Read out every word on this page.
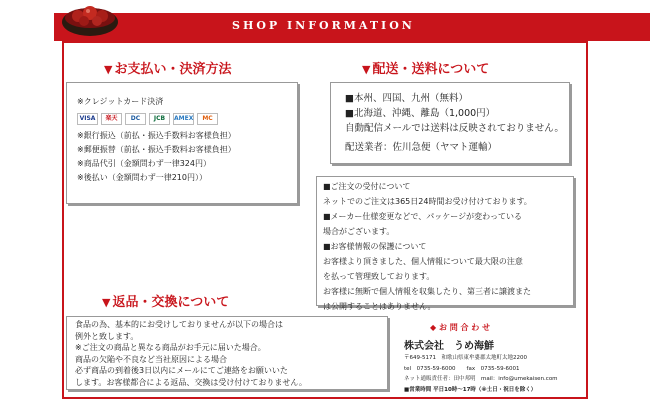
SHOP INFORMATION
▼ お支払い・決済方法
※クレジットカード決済
VISA	楽天	DC	JCB	AMEX	MC
※銀行振込（前払・振込手数料お客様負担）
※郵便振替（前払・振込手数料お客様負担）
※商品代引（金額問わず一律324円）
※後払い（金額問わず一律210円））
▼ 配送・送料について
■本州、四国、九州（無料）
■北海道、沖縄、離島（1,000円）
自動配信メールでは送料は反映されておりません。
配送業者：佐川急便（ヤマト運輸）
■ご注文の受付について
ネットでのご注文は365日24時間お受け付けております。
■メーカー仕様変更などで、パッケージが変わっている
場合がございます。
■お客様情報の保護について
お客様より頂きました、個人情報について最大限の注意
を払って管理致しております。
お客様に無断で個人情報を収集したり、第三者に譲渡また
は公開することはありません。
▼ 返品・交換について
食品の為、基本的にお受けしておりませんが以下の場合は
例外と致します。
※ご注文の商品と異なる商品がお手元に届いた場合。
商品の欠陥や不良など当社原因による場合
必ず商品の到着後3日以内にメールにてご連絡をお願いいた
します。お客様都合による返品、交換は受け付けておりません。
◆ お 問 合 わ せ
株式会社　うめ海鮮
〒649-5171　和歌山県東牟婁郡太地町太地2200
tel　0735-59-6000　　fax　0735-59-6001
ネット通販責任者：田中邦明　mail：info@umekaisen.com
■営業時間 平日10時～17時（※土日・祝日を除く）
